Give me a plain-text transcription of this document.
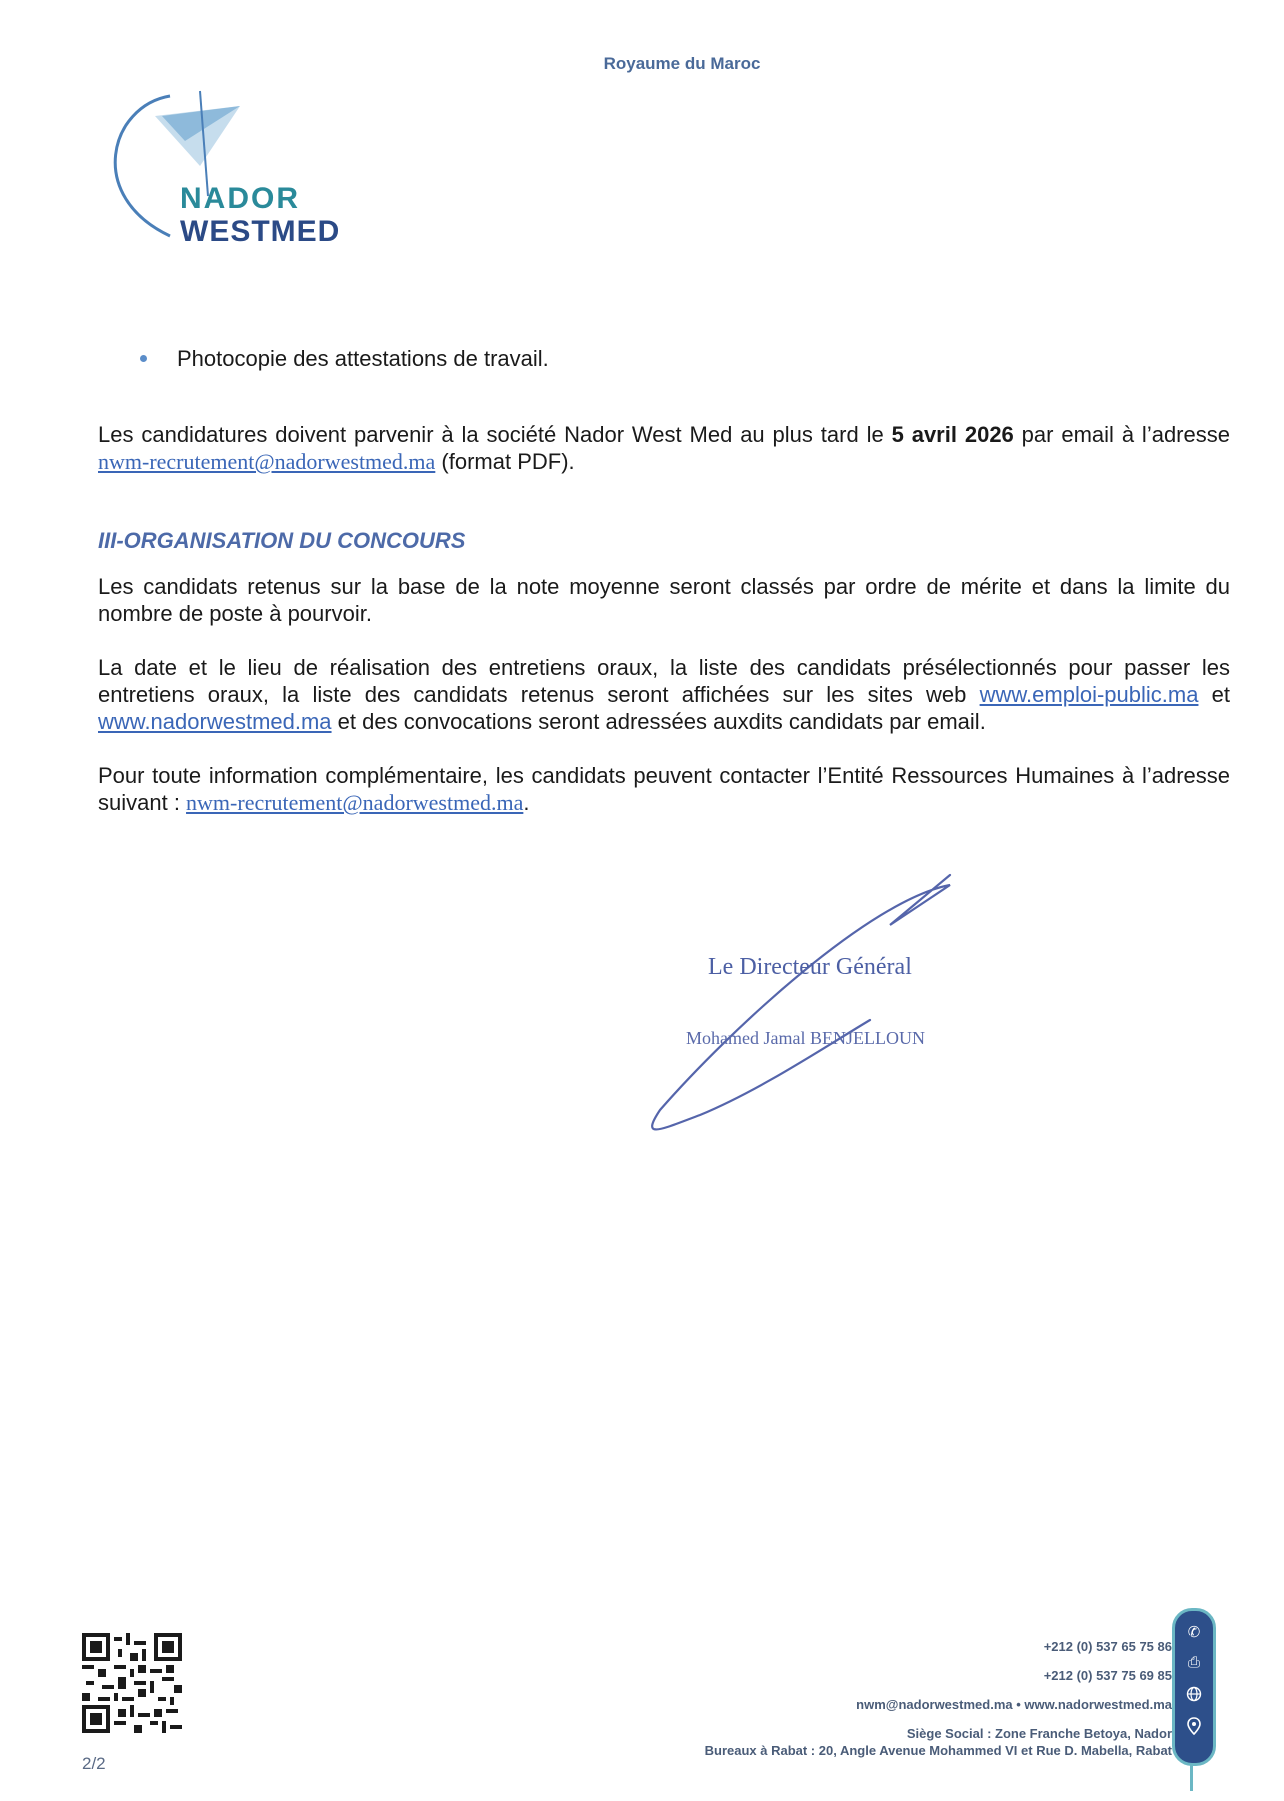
Royaume du Maroc
NADOR
WESTMED
Photocopie des attestations de travail.
Les candidatures doivent parvenir à la société Nador West Med au plus tard le 5 avril 2026 par email à l’adresse nwm-recrutement@nadorwestmed.ma (format PDF).
III-ORGANISATION DU CONCOURS
Les candidats retenus sur la base de la note moyenne seront classés par ordre de mérite et dans la limite du nombre de poste à pourvoir.
La date et le lieu de réalisation des entretiens oraux, la liste des candidats présélectionnés pour passer les entretiens oraux, la liste des candidats retenus seront affichées sur les sites web www.emploi-public.ma et www.nadorwestmed.ma et des convocations seront adressées auxdits candidats par email.
Pour toute information complémentaire, les candidats peuvent contacter l’Entité Ressources Humaines à l’adresse suivant : nwm-recrutement@nadorwestmed.ma.
Le Directeur Général
Mohamed Jamal BENJELLOUN
2/2
+212 (0) 537 65 75 86
+212 (0) 537 75 69 85
nwm@nadorwestmed.ma • www.nadorwestmed.ma
Siège Social : Zone Franche Betoya, Nador
Bureaux à Rabat : 20, Angle Avenue Mohammed VI et Rue D. Mabella, Rabat
✆
⎙
